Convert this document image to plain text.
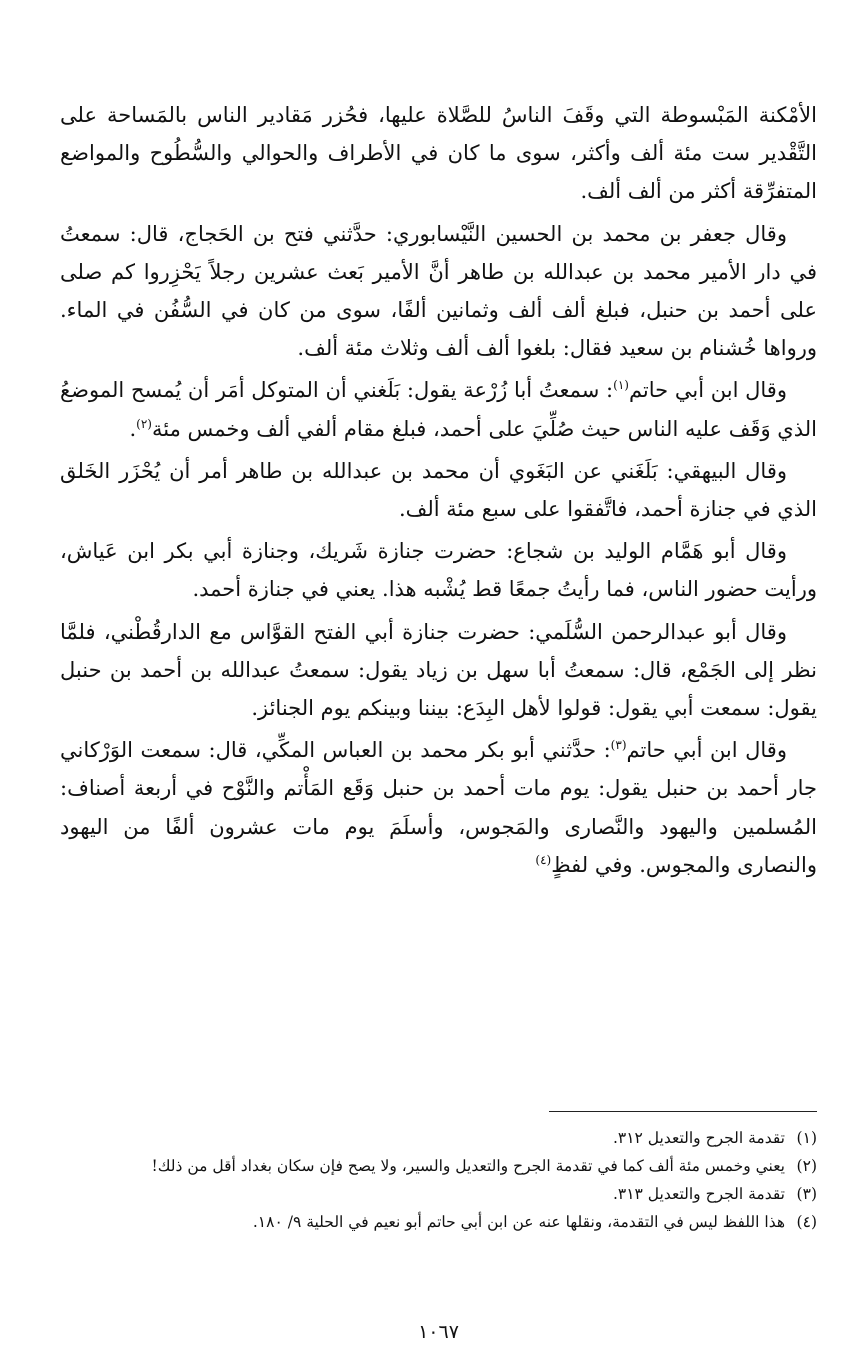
الأمْكنة المَبْسوطة التي وقَفَ الناسُ للصَّلاة عليها، فحُزر مَقادير الناس بالمَساحة على التَّقْدير ست مئة ألف وأكثر، سوى ما كان في الأطراف والحوالي والسُّطُوح والمواضع المتفرِّقة أكثر من ألف ألف.

وقال جعفر بن محمد بن الحسين النَّيْسابوري: حدَّثني فتح بن الحَجاج، قال: سمعتُ في دار الأمير محمد بن عبدالله بن طاهر أنَّ الأمير بَعث عشرين رجلاً يَحْزِروا كم صلى على أحمد بن حنبل، فبلغ ألف ألف وثمانين ألفًا، سوى من كان في السُّفُن في الماء. ورواها خُشنام بن سعيد فقال: بلغوا ألف ألف وثلاث مئة ألف.

وقال ابن أبي حاتم$^{(١)}$: سمعتُ أبا زُرْعة يقول: بَلَغني أن المتوكل أمَر أن يُمسح الموضعُ الذي وَقَف عليه الناس حيث صُلِّيَ على أحمد، فبلغ مقام ألفي ألف وخمس مئة$^{(٢)}$.

وقال البيهقي: بَلَغَني عن البَغَوي أن محمد بن عبدالله بن طاهر أمر أن يُحْزَر الخَلق الذي في جنازة أحمد، فاتَّفقوا على سبع مئة ألف.

وقال أبو هَمَّام الوليد بن شجاع: حضرت جنازة شَريك، وجنازة أبي بكر ابن عَياش، ورأيت حضور الناس، فما رأيتُ جمعًا قط يُشْبه هذا. يعني في جنازة أحمد.

وقال أبو عبدالرحمن السُّلَمي: حضرت جنازة أبي الفتح القوَّاس مع الدارقُطْني، فلمَّا نظر إلى الجَمْع، قال: سمعتُ أبا سهل بن زياد يقول: سمعتُ عبدالله بن أحمد بن حنبل يقول: سمعت أبي يقول: قولوا لأهل البِدَع: بيننا وبينكم يوم الجنائز.

وقال ابن أبي حاتم$^{(٣)}$: حدَّثني أبو بكر محمد بن العباس المكِّي، قال: سمعت الوَرْكاني جار أحمد بن حنبل يقول: يوم مات أحمد بن حنبل وَقَع المَأْتم والنَّوْح في أربعة أصناف: المُسلمين واليهود والنَّصارى والمَجوس، وأسلَمَ يوم مات عشرون ألفًا من اليهود والنصارى والمجوس. وفي لفظٍ$^{(٤)}$

(١)
تقدمة الجرح والتعديل ٣١٢.
(٢)
يعني وخمس مئة ألف كما في تقدمة الجرح والتعديل والسير، ولا يصح فإن سكان بغداد أقل من ذلك!
(٣)
تقدمة الجرح والتعديل ٣١٣.
(٤)
هذا اللفظ ليس في التقدمة، ونقلها عنه عن ابن أبي حاتم أبو نعيم في الحلية ٩/ ١٨٠.
١٠٦٧
